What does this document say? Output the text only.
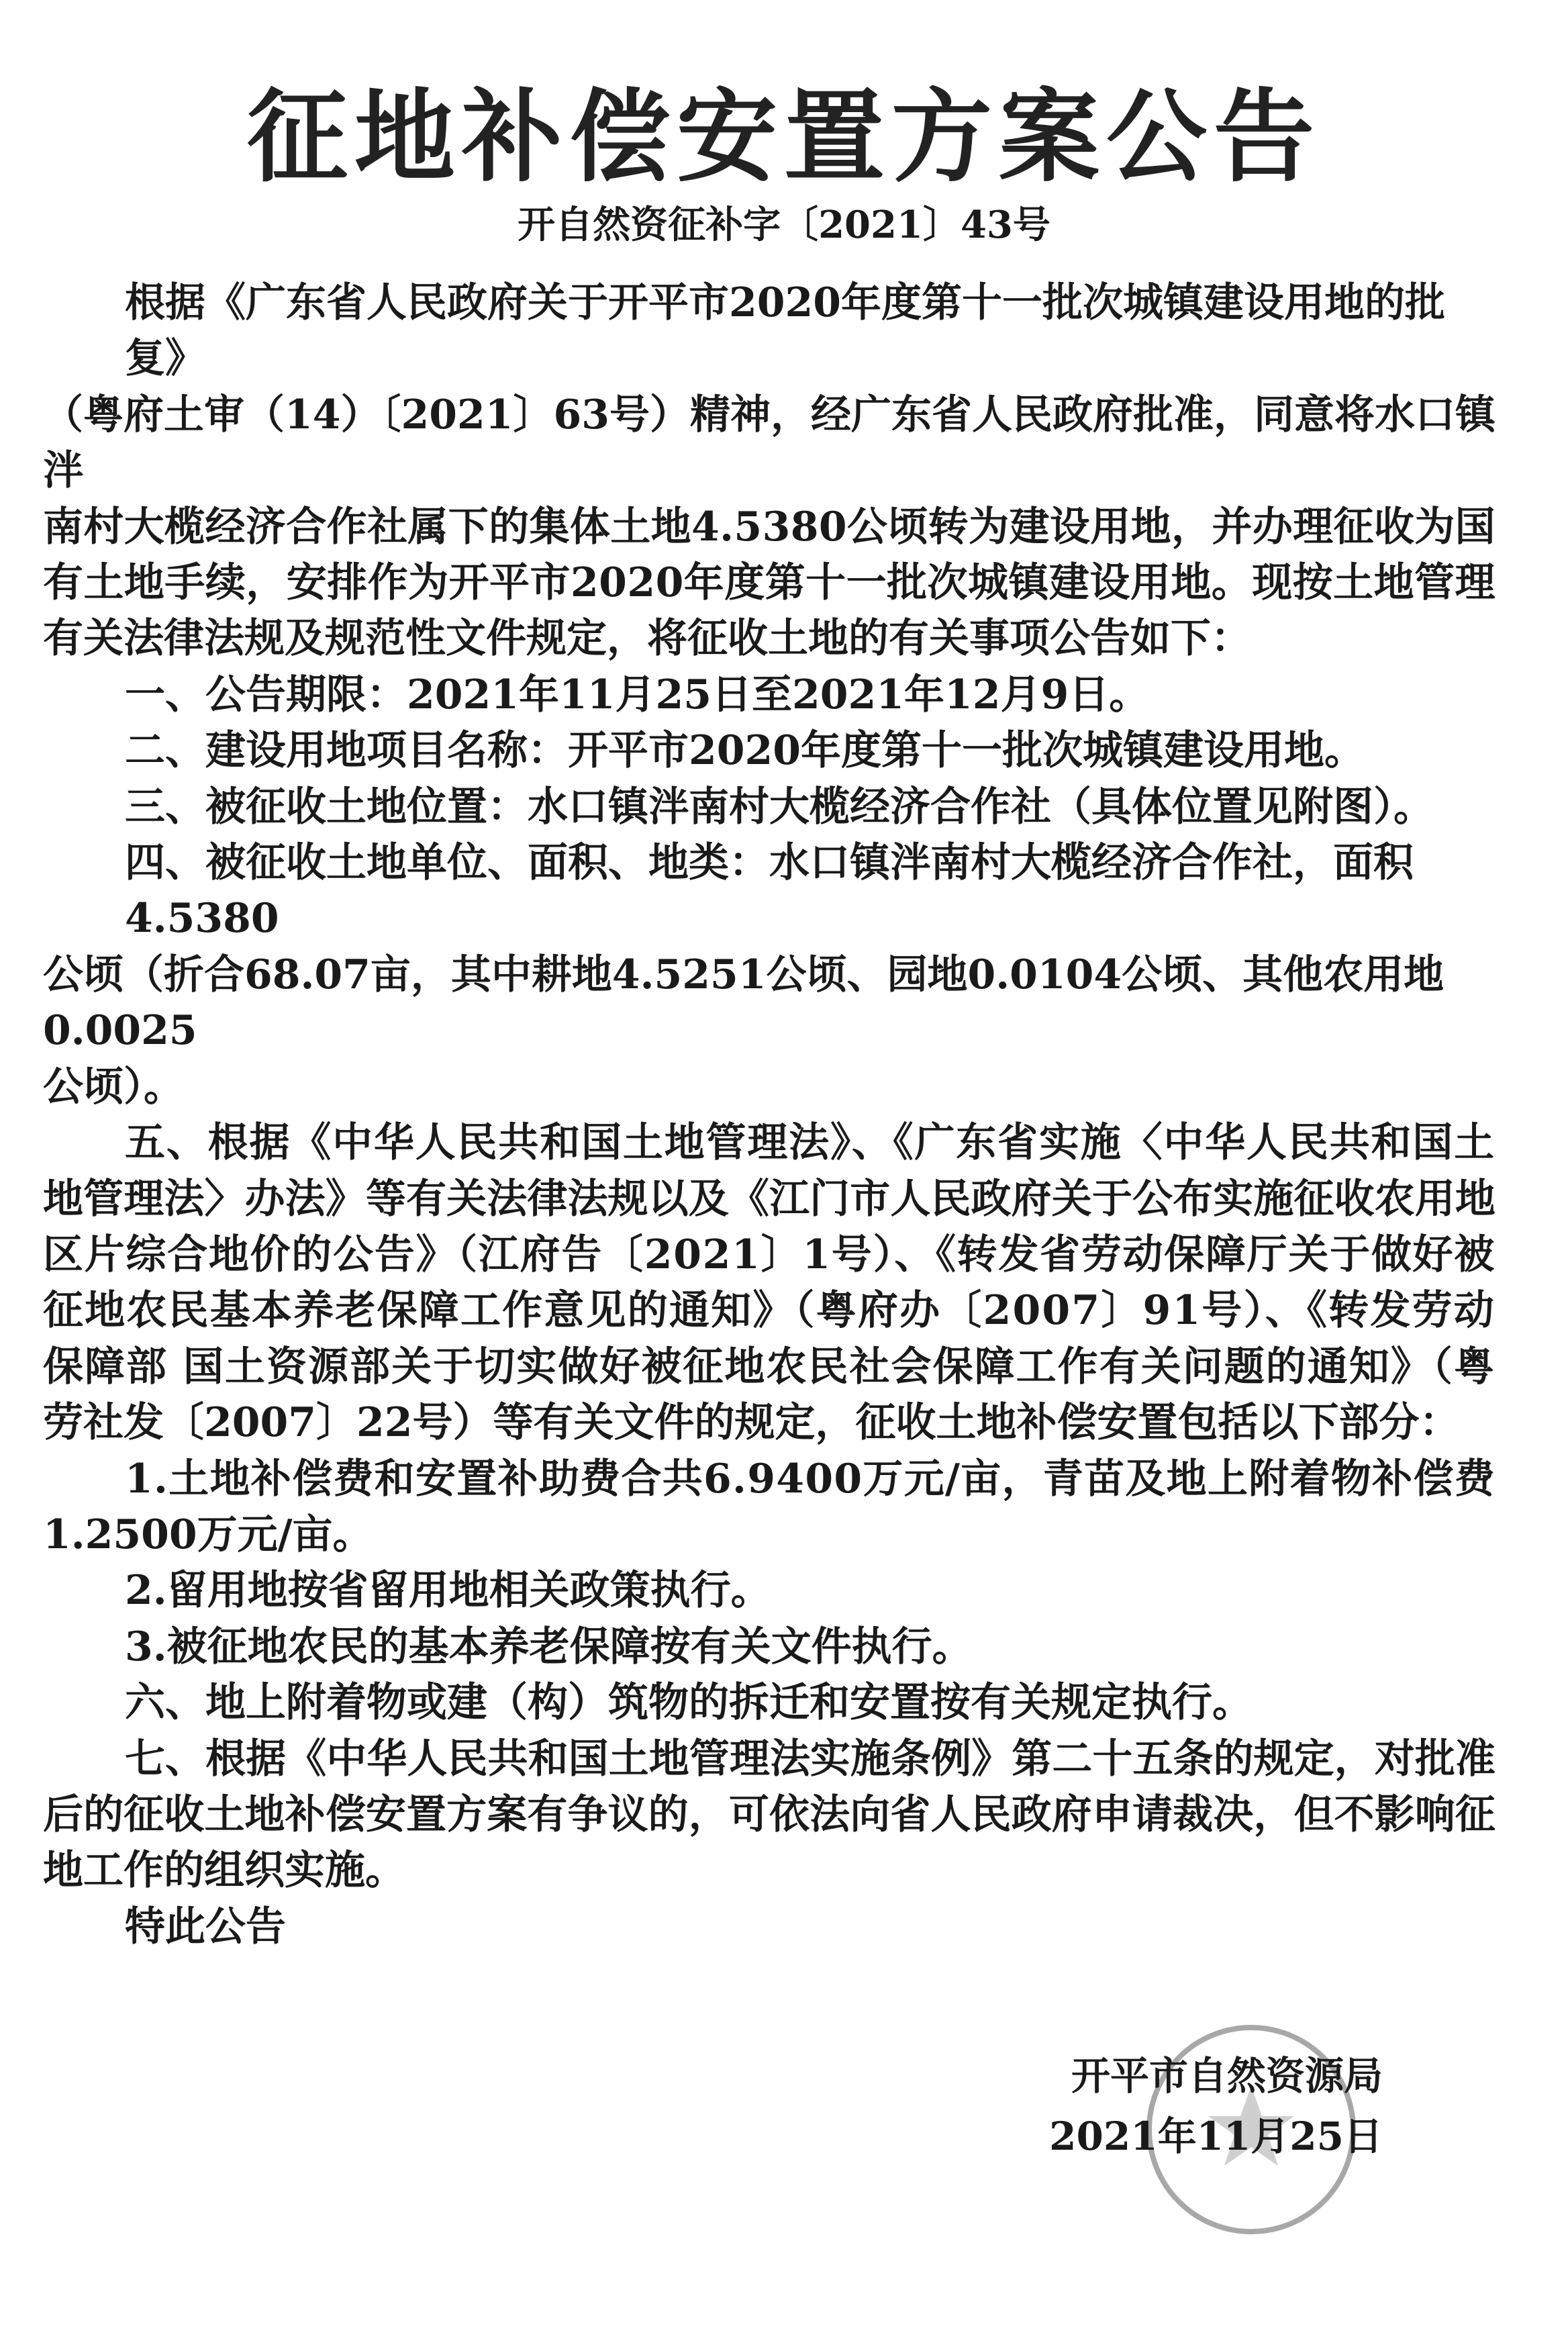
征地补偿安置方案公告
开自然资征补字〔2021〕43号
根据《广东省人民政府关于开平市2020年度第十一批次城镇建设用地的批复》
（粤府土审（14）〔2021〕63号）精神，经广东省人民政府批准，同意将水口镇泮
南村大榄经济合作社属下的集体土地4.5380公顷转为建设用地，并办理征收为国
有土地手续，安排作为开平市2020年度第十一批次城镇建设用地。现按土地管理
有关法律法规及规范性文件规定，将征收土地的有关事项公告如下：
一、公告期限：2021年11月25日至2021年12月9日。
二、建设用地项目名称：开平市2020年度第十一批次城镇建设用地。
三、被征收土地位置：水口镇泮南村大榄经济合作社（具体位置见附图）。
四、被征收土地单位、面积、地类：水口镇泮南村大榄经济合作社，面积4.5380
公顷（折合68.07亩，其中耕地4.5251公顷、园地0.0104公顷、其他农用地0.0025
公顷）。
五、根据《中华人民共和国土地管理法》、《广东省实施〈中华人民共和国土
地管理法〉办法》等有关法律法规以及《江门市人民政府关于公布实施征收农用地
区片综合地价的公告》（江府告〔2021〕1号）、《转发省劳动保障厅关于做好被
征地农民基本养老保障工作意见的通知》（粤府办〔2007〕91号）、《转发劳动
保障部 国土资源部关于切实做好被征地农民社会保障工作有关问题的通知》（粤
劳社发〔2007〕22号）等有关文件的规定，征收土地补偿安置包括以下部分：
1.土地补偿费和安置补助费合共6.9400万元/亩，青苗及地上附着物补偿费
1.2500万元/亩。
2.留用地按省留用地相关政策执行。
3.被征地农民的基本养老保障按有关文件执行。
六、地上附着物或建（构）筑物的拆迁和安置按有关规定执行。
七、根据《中华人民共和国土地管理法实施条例》第二十五条的规定，对批准
后的征收土地补偿安置方案有争议的，可依法向省人民政府申请裁决，但不影响征
地工作的组织实施。
特此公告
开平市自然资源局
2021年11月25日
